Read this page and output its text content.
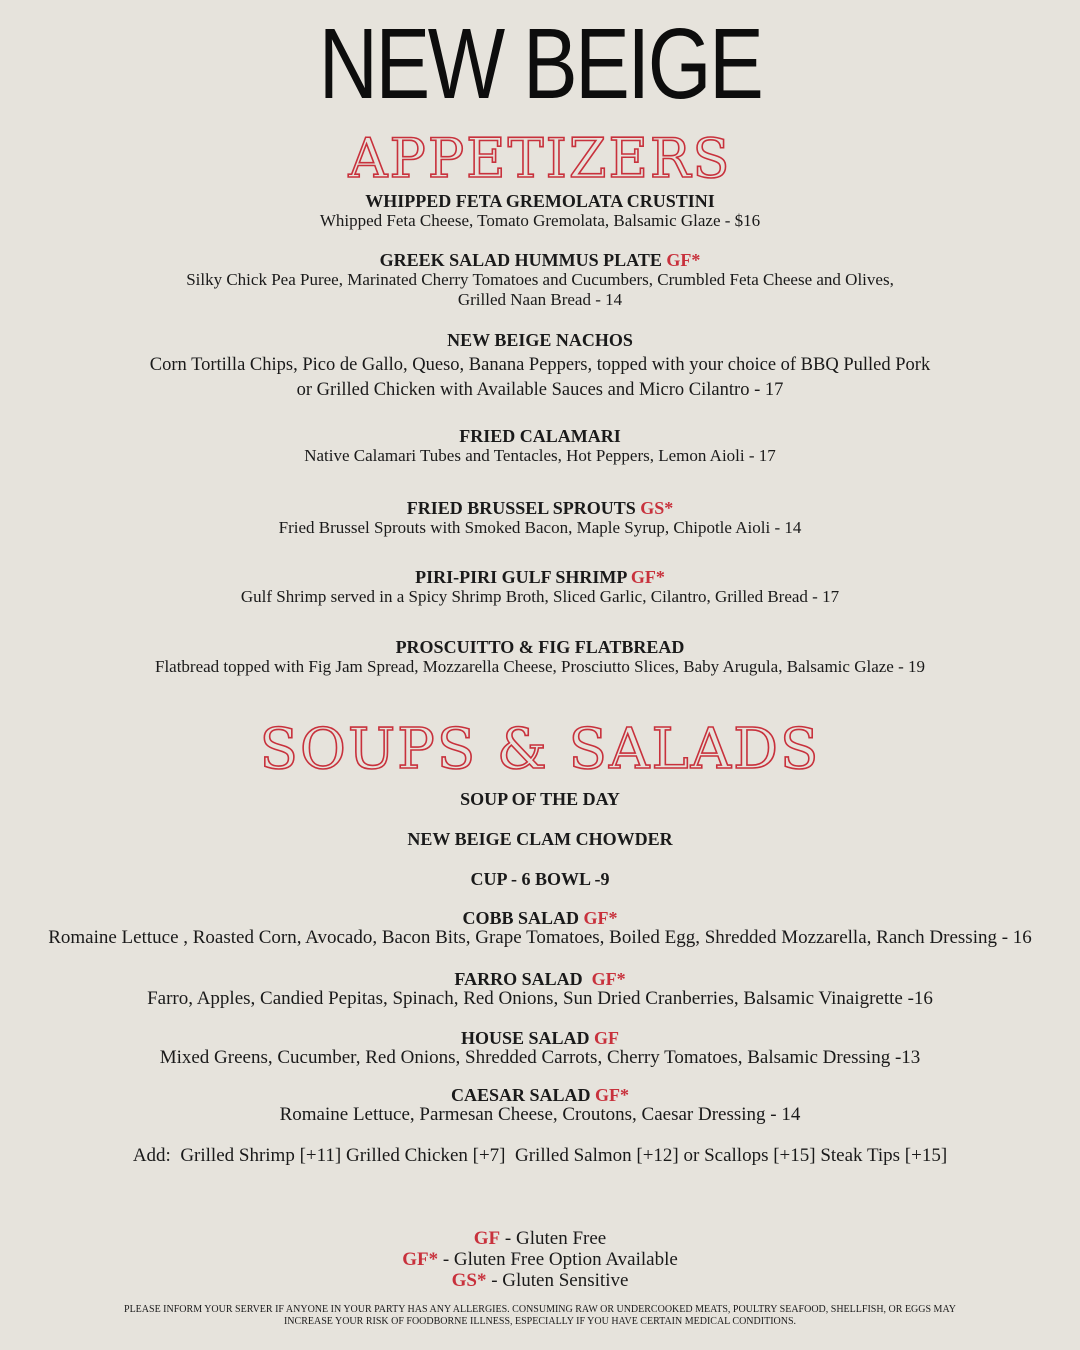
NEW BEIGE
APPETIZERS
WHIPPED FETA GREMOLATA CRUSTINI
Whipped Feta Cheese, Tomato Gremolata, Balsamic Glaze - $16
GREEK SALAD HUMMUS PLATE GF*
Silky Chick Pea Puree, Marinated Cherry Tomatoes and Cucumbers, Crumbled Feta Cheese and Olives,
Grilled Naan Bread - 14
NEW BEIGE NACHOS
Corn Tortilla Chips, Pico de Gallo, Queso, Banana Peppers, topped with your choice of BBQ Pulled Pork
or Grilled Chicken with Available Sauces and Micro Cilantro - 17
FRIED CALAMARI
Native Calamari Tubes and Tentacles, Hot Peppers, Lemon Aioli - 17
FRIED BRUSSEL SPROUTS GS*
Fried Brussel Sprouts with Smoked Bacon, Maple Syrup, Chipotle Aioli - 14
PIRI-PIRI GULF SHRIMP GF*
Gulf Shrimp served in a Spicy Shrimp Broth, Sliced Garlic, Cilantro, Grilled Bread - 17
PROSCUITTO & FIG FLATBREAD
Flatbread topped with Fig Jam Spread, Mozzarella Cheese, Prosciutto Slices, Baby Arugula, Balsamic Glaze - 19
SOUPS & SALADS
SOUP OF THE DAY
NEW BEIGE CLAM CHOWDER
CUP - 6 BOWL -9
COBB SALAD GF*
Romaine Lettuce , Roasted Corn, Avocado, Bacon Bits, Grape Tomatoes, Boiled Egg, Shredded Mozzarella, Ranch Dressing - 16
FARRO SALAD  GF*
Farro, Apples, Candied Pepitas, Spinach, Red Onions, Sun Dried Cranberries, Balsamic Vinaigrette -16
HOUSE SALAD GF
Mixed Greens, Cucumber, Red Onions, Shredded Carrots, Cherry Tomatoes, Balsamic Dressing -13
CAESAR SALAD GF*
Romaine Lettuce, Parmesan Cheese, Croutons, Caesar Dressing - 14
Add:  Grilled Shrimp [+11] Grilled Chicken [+7]  Grilled Salmon [+12] or Scallops [+15] Steak Tips [+15]
GF - Gluten Free
GF* - Gluten Free Option Available
GS* - Gluten Sensitive
PLEASE INFORM YOUR SERVER IF ANYONE IN YOUR PARTY HAS ANY ALLERGIES. CONSUMING RAW OR UNDERCOOKED MEATS, POULTRY SEAFOOD, SHELLFISH, OR EGGS MAY INCREASE YOUR RISK OF FOODBORNE ILLNESS, ESPECIALLY IF YOU HAVE CERTAIN MEDICAL CONDITIONS.
